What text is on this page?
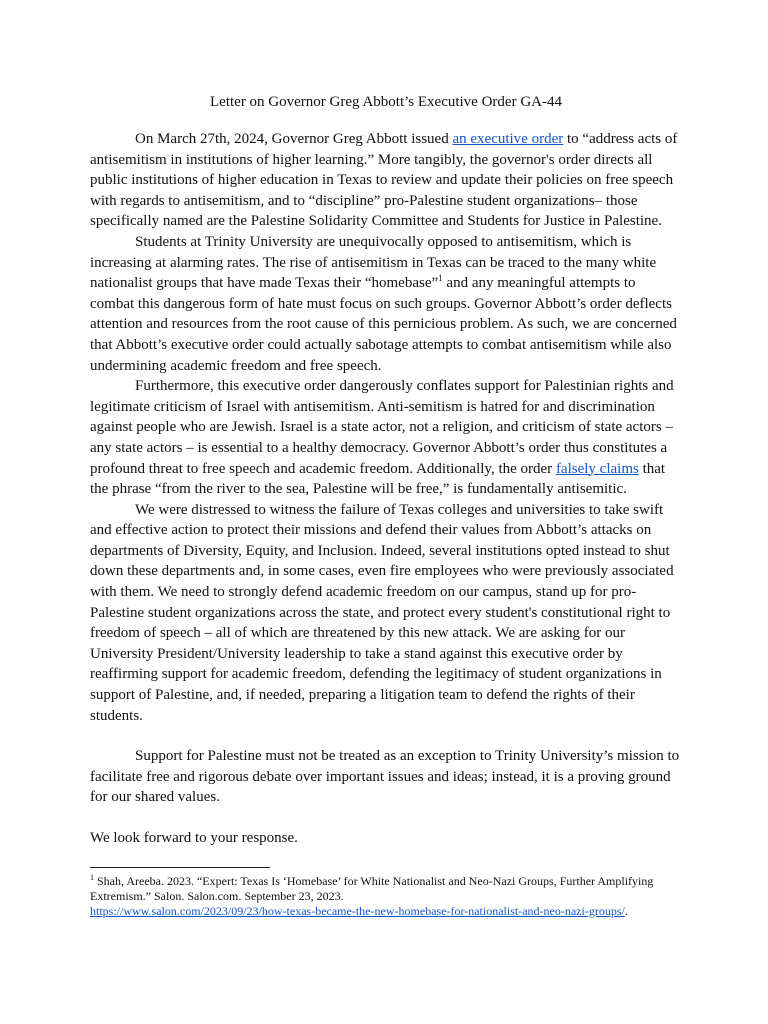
Letter on Governor Greg Abbott’s Executive Order GA-44

On March 27th, 2024, Governor Greg Abbott issued an executive order to “address acts of antisemitism in institutions of higher learning.” More tangibly, the governor's order directs all public institutions of higher education in Texas to review and update their policies on free speech with regards to antisemitism, and to “discipline” pro-Palestine student organizations– those specifically named are the Palestine Solidarity Committee and Students for Justice in Palestine.

Students at Trinity University are unequivocally opposed to antisemitism, which is increasing at alarming rates. The rise of antisemitism in Texas can be traced to the many white nationalist groups that have made Texas their “homebase”$^1$ and any meaningful attempts to combat this dangerous form of hate must focus on such groups. Governor Abbott’s order deflects attention and resources from the root cause of this pernicious problem. As such, we are concerned that Abbott’s executive order could actually sabotage attempts to combat antisemitism while also undermining academic freedom and free speech.

Furthermore, this executive order dangerously conflates support for Palestinian rights and legitimate criticism of Israel with antisemitism. Anti-semitism is hatred for and discrimination against people who are Jewish. Israel is a state actor, not a religion, and criticism of state actors – any state actors – is essential to a healthy democracy. Governor Abbott’s order thus constitutes a profound threat to free speech and academic freedom. Additionally, the order falsely claims that the phrase “from the river to the sea, Palestine will be free,” is fundamentally antisemitic.

We were distressed to witness the failure of Texas colleges and universities to take swift and effective action to protect their missions and defend their values from Abbott’s attacks on departments of Diversity, Equity, and Inclusion. Indeed, several institutions opted instead to shut down these departments and, in some cases, even fire employees who were previously associated with them. We need to strongly defend academic freedom on our campus, stand up for pro-Palestine student organizations across the state, and protect every student's constitutional right to freedom of speech – all of which are threatened by this new attack. We are asking for our University President/University leadership to take a stand against this executive order by reaffirming support for academic freedom, defending the legitimacy of student organizations in support of Palestine, and, if needed, preparing a litigation team to defend the rights of their students.

Support for Palestine must not be treated as an exception to Trinity University’s mission to facilitate free and rigorous debate over important issues and ideas; instead, it is a proving ground for our shared values.

We look forward to your response.

$^1$ Shah, Areeba. 2023. “Expert: Texas Is ‘Homebase’ for White Nationalist and Neo-Nazi Groups, Further Amplifying Extremism.” Salon. Salon.com. September 23, 2023.
https://www.salon.com/2023/09/23/how-texas-became-the-new-homebase-for-nationalist-and-neo-nazi-groups/.
